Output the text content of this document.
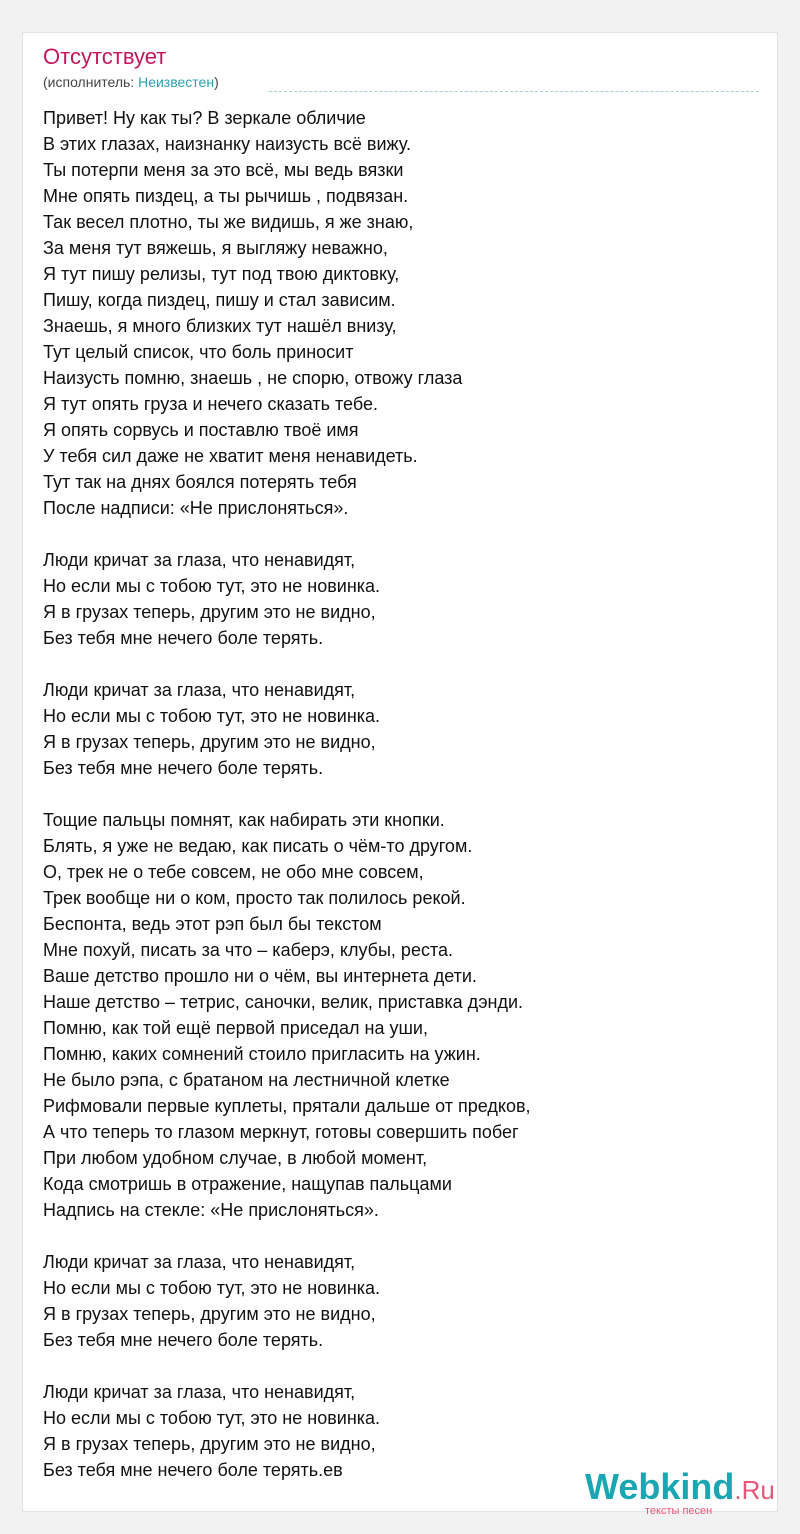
Отсутствует
(исполнитель: Неизвестен)
Привет! Ну как ты? В зеркале обличие
В этих глазах, наизнанку наизусть всё вижу.
Ты потерпи меня за это всё, мы ведь вязки
Мне опять пиздец, а ты рычишь , подвязан.
Так весел плотно, ты же видишь, я же знаю,
За меня тут вяжешь, я выгляжу неважно,
Я тут пишу релизы, тут под твою диктовку,
Пишу, когда пиздец, пишу и стал зависим.
Знаешь, я много близких тут нашёл внизу,
Тут целый список, что боль приносит
Наизусть помню, знаешь , не спорю, отвожу глаза
Я тут опять груза и нечего сказать тебе.
Я опять сорвусь и поставлю твоё имя
У тебя сил даже не хватит меня ненавидеть.
Тут так на днях боялся потерять тебя
После надписи: «Не прислоняться».
Люди кричат за глаза, что ненавидят,
Но если мы с тобою тут, это не новинка.
Я в грузах теперь, другим это не видно,
Без тебя мне нечего боле терять.
Люди кричат за глаза, что ненавидят,
Но если мы с тобою тут, это не новинка.
Я в грузах теперь, другим это не видно,
Без тебя мне нечего боле терять.
Тощие пальцы помнят, как набирать эти кнопки.
Блять, я уже не ведаю, как писать о чём-то другом.
О, трек не о тебе совсем, не обо мне совсем,
Трек вообще ни о ком, просто так полилось рекой.
Беспонта, ведь этот рэп был бы текстом
Мне похуй, писать за что – каберэ, клубы, реста.
Ваше детство прошло ни о чём, вы интернета дети.
Наше детство – тетрис, саночки, велик, приставка дэнди.
Помню, как той ещё первой приседал на уши,
Помню, каких сомнений стоило пригласить на ужин.
Не было рэпа, с братаном на лестничной клетке
Рифмовали первые куплеты, прятали дальше от предков,
А что теперь то глазом меркнут, готовы совершить побег
При любом удобном случае, в любой момент,
Кода смотришь в отражение, нащупав пальцами
Надпись на стекле: «Не прислоняться».
Люди кричат за глаза, что ненавидят,
Но если мы с тобою тут, это не новинка.
Я в грузах теперь, другим это не видно,
Без тебя мне нечего боле терять.
Люди кричат за глаза, что ненавидят,
Но если мы с тобою тут, это не новинка.
Я в грузах теперь, другим это не видно,
Без тебя мне нечего боле терять.ев	Webkind.Ru
тексты песен
